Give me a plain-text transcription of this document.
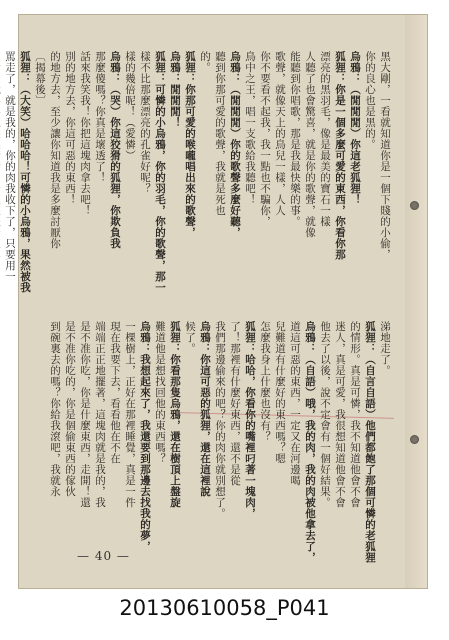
黑大剛，一看就知道你是一個下賤的小偷，
你的良心也是黑的。
烏鴉：（閒閒閒）你這老狐狸！
狐狸：你是一個多麼可愛的東西，你看你那
漂亮的黑羽毛，像是最美的寶石一樣
人聽了也會驚喜，就是你的歌聲，就像
能聽到你唱歌，那是我最快樂的事。
歌聲，就像天上的鳥兒一樣，人人
你不要看不起我，我一點也不騙你，
鳥中之王，唱一支歌給我聽吧！
烏鴉：（閒閒閒）你的歌聲多麼好聽，
聽到你那可愛的歌聲，我就是死也
的。
狐狸：你那可愛的喉嚨唱出來的歌聲，
烏鴉：閒閒閒！
狐狸：可憐的小烏鴉，你的羽毛，你的歌聲，那一
樣不比那麼漂亮的孔雀好呢？
樣的幾倍呢！（愛憐）
烏鴉：（哭）你這狡猾的狐狸，你欺負我
那麼傻嗎？你真是壞透了！
話來我笑我！你把這塊肉拿去吧！
別的地方去，你這可惡的東西！
的地方去，至少讓你知道我是多麼討厭你
〔揭幕後〕
狐狸：（大笑）哈哈哈！可憐的小烏鴉，果然被我
罵走了，就是我的，你的肉我收下了，只要用一
涕地走了。
狐狸：（自言自語）他們都飽了那個可憐的老狐狸
的情形。真是可憐，我不知道他會不會
迷人，真是可愛，我很想知道他會不會
他去了以後，說不定會有一個好結果。
烏鴉：（自語）哦，我的肉，我的肉被他拿去了，
道這可惡的東西，一定又在河邊喝
兒難道有什麼好的東西嗎？嗯
怎麼我身上什麼也沒有？
狐狸：哈哈，你看你的嘴裡叼著一塊肉，
了！那裡有什麼好東西，還不是從
我們那邊偷來的吧？你的肉你就別想了。
烏鴉：你這可惡的狐狸，還在這裡說
候了。
狐狸：你看那隻烏鴉，還在樹頂上盤旋
難道他是想找回他的東西嗎？
烏鴉：我想起來了，我還要到那邊去找我的夢，
一棵樹上，正好在那裡睡覺，真是一件
現在我要下去，看看他在不在
端端正正地擺著，這塊肉就是我的，我
是不准你吃，你是什麼東西，走開！還
是不准你吃的，你是個偷東西的傢伙
到碗裏去的嗎？你給我滾吧，我就永
— 40 —
20130610058_P041
